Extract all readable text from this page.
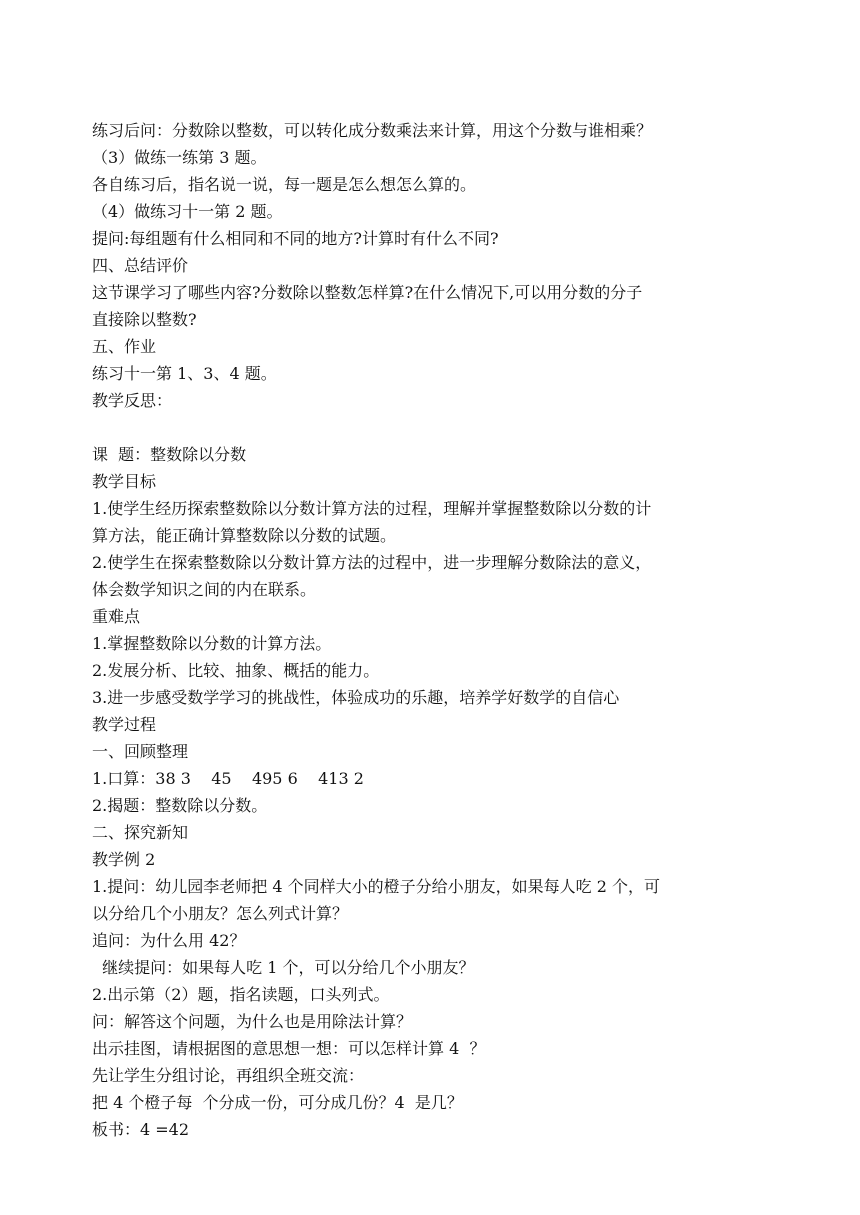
练习后问：分数除以整数，可以转化成分数乘法来计算，用这个分数与谁相乘？
（3）做练一练第 3 题。
各自练习后，指名说一说，每一题是怎么想怎么算的。
（4）做练习十一第 2 题。
提问:每组题有什么相同和不同的地方?计算时有什么不同?
四、总结评价
这节课学习了哪些内容?分数除以整数怎样算?在什么情况下,可以用分数的分子
直接除以整数?
五、作业
练习十一第 1、3、4 题。
教学反思：
课  题：整数除以分数
教学目标
1.使学生经历探索整数除以分数计算方法的过程，理解并掌握整数除以分数的计
算方法，能正确计算整数除以分数的试题。
2.使学生在探索整数除以分数计算方法的过程中，进一步理解分数除法的意义，
体会数学知识之间的内在联系。
重难点
1.掌握整数除以分数的计算方法。
2.发展分析、比较、抽象、概括的能力。
3.进一步感受数学学习的挑战性，体验成功的乐趣，培养学好数学的自信心
教学过程
一、回顾整理
1.口算：38 3    45    495 6    413 2
2.揭题：整数除以分数。
二、探究新知
教学例 2
1.提问：幼儿园李老师把 4 个同样大小的橙子分给小朋友，如果每人吃 2 个，可
以分给几个小朋友？怎么列式计算？
追问：为什么用 42？
继续提问：如果每人吃 1 个，可以分给几个小朋友？
2.出示第（2）题，指名读题，口头列式。
问：解答这个问题，为什么也是用除法计算？
出示挂图，请根据图的意思想一想：可以怎样计算 4  ？
先让学生分组讨论，再组织全班交流：
把 4 个橙子每  个分成一份，可分成几份？4  是几？
板书：4 =42
